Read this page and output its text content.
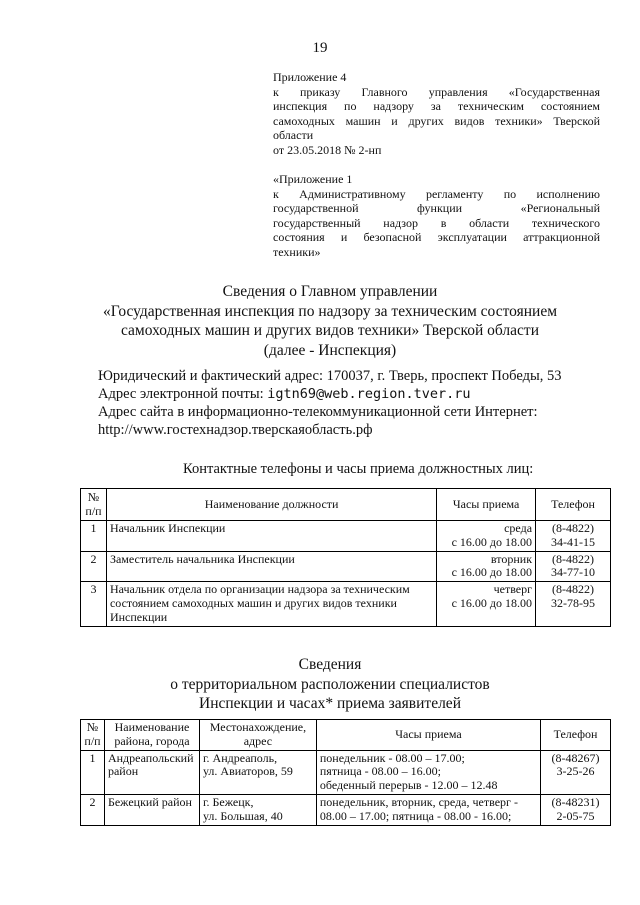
19
Приложение 4
к приказу Главного управления «Государственная
инспекция по надзору за техническим состоянием
самоходных машин и других видов техники» Тверской
области
от 23.05.2018 № 2-нп
«Приложение 1
к Административному регламенту по исполнению
государственной функции «Региональный
государственный надзор в области технического
состояния и безопасной эксплуатации аттракционной
техники»
Сведения о Главном управлении
«Государственная инспекция по надзору за техническим состоянием
самоходных машин и других видов техники» Тверской области
(далее - Инспекция)
Юридический и фактический адрес: 170037, г. Тверь, проспект Победы, 53
Адрес электронной почты: igtn69@web.region.tver.ru
Адрес сайта в информационно-телекоммуникационной сети Интернет:
http://www.гостехнадзор.тверскаяобласть.рф
Контактные телефоны и часы приема должностных лиц:
№
п/п	Наименование должности	Часы приема	Телефон
1	Начальник Инспекции	среда
с 16.00 до 18.00	(8-4822)
34-41-15
2	Заместитель начальника Инспекции	вторник
с 16.00 до 18.00	(8-4822)
34-77-10
3	Начальник отдела по организации надзора за техническим
состоянием самоходных машин и других видов техники
Инспекции	четверг
с 16.00 до 18.00	(8-4822)
32-78-95
Сведения
о территориальном расположении специалистов
Инспекции и часах* приема заявителей
№
п/п	Наименование
района, города	Местонахождение,
адрес	Часы приема	Телефон
1	Андреапольский
район	г. Андреаполь,
ул. Авиаторов, 59	понедельник - 08.00 – 17.00;
пятница - 08.00 – 16.00;
обеденный перерыв - 12.00 – 12.48	(8-48267)
3-25-26
2	Бежецкий район	г. Бежецк,
ул. Большая, 40	понедельник, вторник, среда, четверг -
08.00 – 17.00; пятница - 08.00 - 16.00;	(8-48231)
2-05-75
